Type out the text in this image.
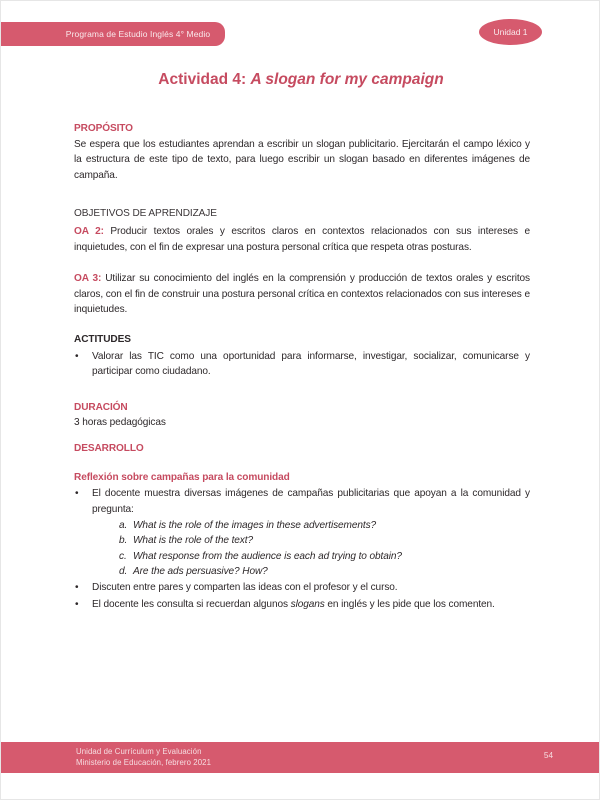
Programa de Estudio Inglés 4° Medio	Unidad 1
Actividad 4: A slogan for my campaign
PROPÓSITO
Se espera que los estudiantes aprendan a escribir un slogan publicitario. Ejercitarán el campo léxico y la estructura de este tipo de texto, para luego escribir un slogan basado en diferentes imágenes de campaña.
OBJETIVOS DE APRENDIZAJE
OA 2: Producir textos orales y escritos claros en contextos relacionados con sus intereses e inquietudes, con el fin de expresar una postura personal crítica que respeta otras posturas.
OA 3: Utilizar su conocimiento del inglés en la comprensión y producción de textos orales y escritos claros, con el fin de construir una postura personal crítica en contextos relacionados con sus intereses e inquietudes.
ACTITUDES
•	Valorar las TIC como una oportunidad para informarse, investigar, socializar, comunicarse y participar como ciudadano.
DURACIÓN
3 horas pedagógicas
DESARROLLO
Reflexión sobre campañas para la comunidad
•	El docente muestra diversas imágenes de campañas publicitarias que apoyan a la comunidad y pregunta:
a. What is the role of the images in these advertisements?
b. What is the role of the text?
c. What response from the audience is each ad trying to obtain?
d. Are the ads persuasive? How?
•	Discuten entre pares y comparten las ideas con el profesor y el curso.
•	El docente les consulta si recuerdan algunos slogans en inglés y les pide que los comenten.
Unidad de Currículum y Evaluación
Ministerio de Educación, febrero 2021
54
